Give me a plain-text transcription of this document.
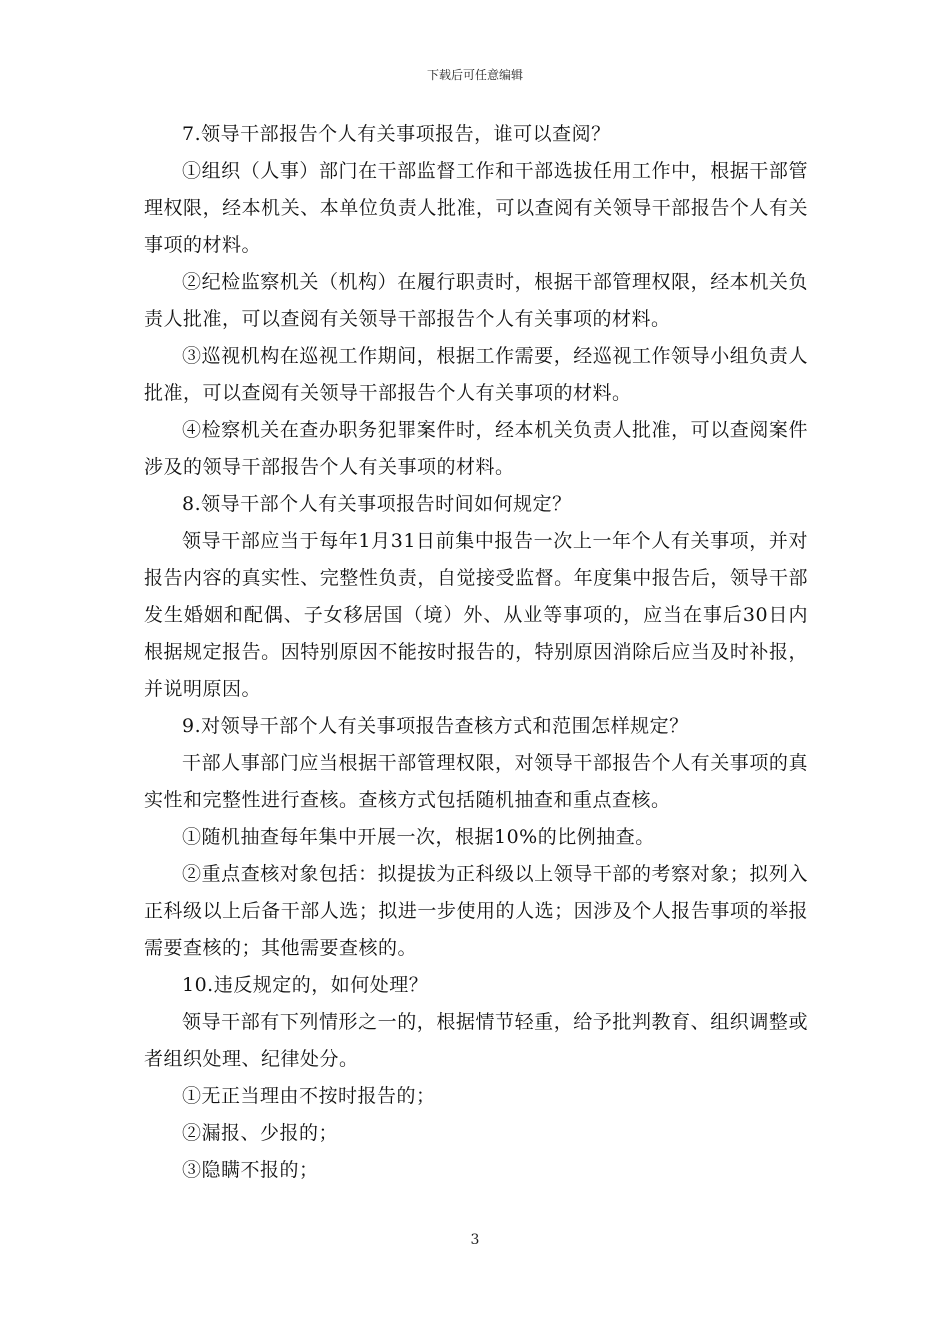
下载后可任意编辑

7.领导干部报告个人有关事项报告，谁可以查阅？

①组织（人事）部门在干部监督工作和干部选拔任用工作中，根据干部管理权限，经本机关、本单位负责人批准，可以查阅有关领导干部报告个人有关事项的材料。

②纪检监察机关（机构）在履行职责时，根据干部管理权限，经本机关负责人批准，可以查阅有关领导干部报告个人有关事项的材料。

③巡视机构在巡视工作期间，根据工作需要，经巡视工作领导小组负责人批准，可以查阅有关领导干部报告个人有关事项的材料。

④检察机关在查办职务犯罪案件时，经本机关负责人批准，可以查阅案件涉及的领导干部报告个人有关事项的材料。

8.领导干部个人有关事项报告时间如何规定？

领导干部应当于每年1月31日前集中报告一次上一年个人有关事项，并对报告内容的真实性、完整性负责，自觉接受监督。年度集中报告后，领导干部发生婚姻和配偶、子女移居国（境）外、从业等事项的，应当在事后30日内根据规定报告。因特别原因不能按时报告的，特别原因消除后应当及时补报，并说明原因。

9.对领导干部个人有关事项报告查核方式和范围怎样规定？

干部人事部门应当根据干部管理权限，对领导干部报告个人有关事项的真实性和完整性进行查核。查核方式包括随机抽查和重点查核。

①随机抽查每年集中开展一次，根据10%的比例抽查。

②重点查核对象包括：拟提拔为正科级以上领导干部的考察对象；拟列入正科级以上后备干部人选；拟进一步使用的人选；因涉及个人报告事项的举报需要查核的；其他需要查核的。

10.违反规定的，如何处理？

领导干部有下列情形之一的，根据情节轻重，给予批判教育、组织调整或者组织处理、纪律处分。

①无正当理由不按时报告的；

②漏报、少报的；

③隐瞒不报的；

3
